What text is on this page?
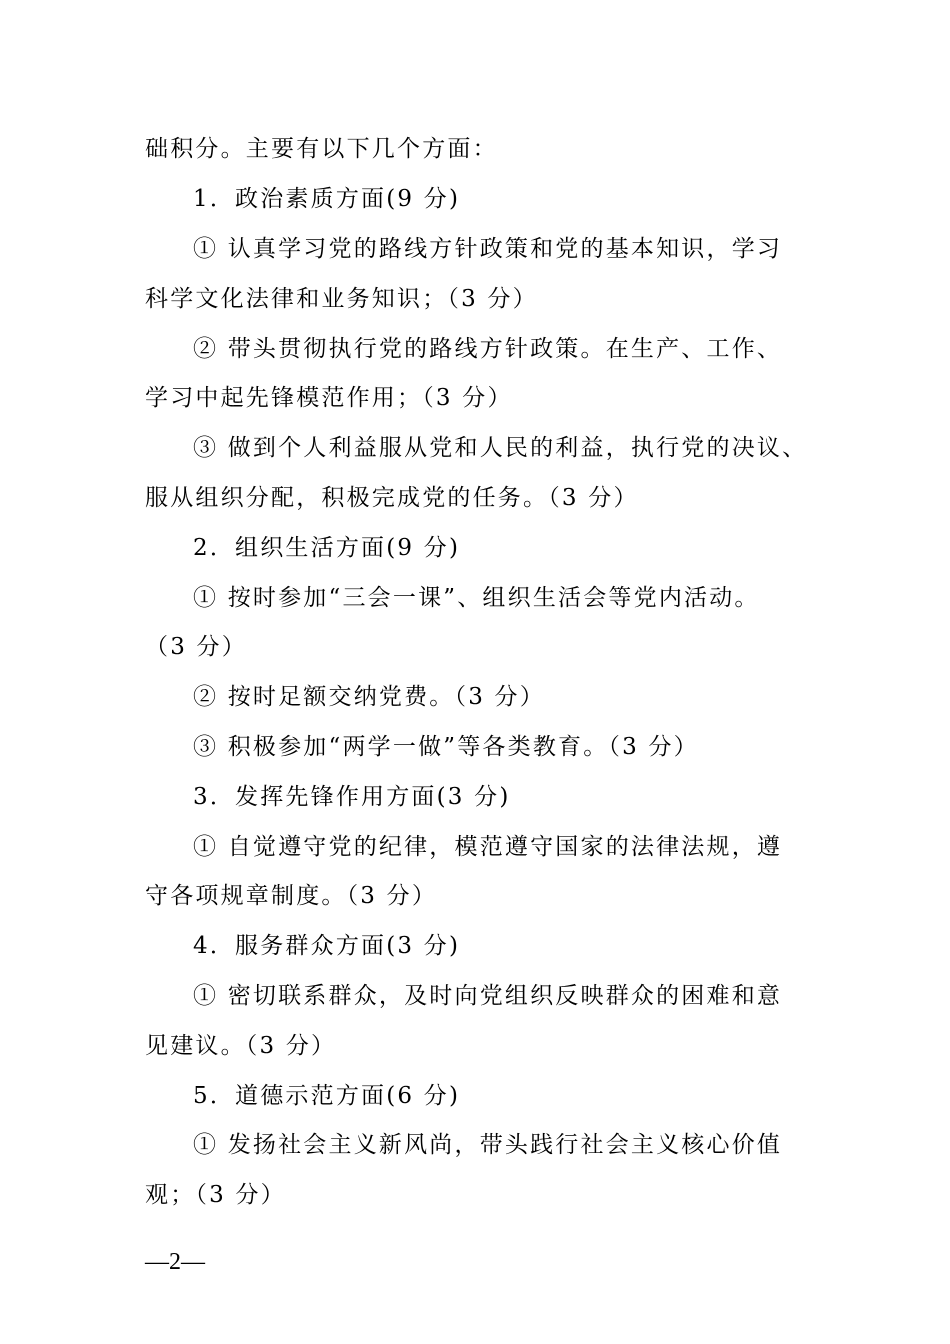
础积分。主要有以下几个方面：
1．政治素质方面(9 分)
① 认真学习党的路线方针政策和党的基本知识，学习
科学文化法律和业务知识；（3 分）
② 带头贯彻执行党的路线方针政策。在生产、工作、
学习中起先锋模范作用；（3 分）
③ 做到个人利益服从党和人民的利益，执行党的决议、
服从组织分配，积极完成党的任务。（3 分）
2．组织生活方面(9 分)
① 按时参加“三会一课”、组织生活会等党内活动。
（3 分）
② 按时足额交纳党费。（3 分）
③ 积极参加“两学一做”等各类教育。（3 分）
3．发挥先锋作用方面(3 分)
① 自觉遵守党的纪律，模范遵守国家的法律法规，遵
守各项规章制度。（3 分）
4．服务群众方面(3 分)
① 密切联系群众，及时向党组织反映群众的困难和意
见建议。（3 分）
5．道德示范方面(6 分)
① 发扬社会主义新风尚，带头践行社会主义核心价值
观；（3 分）
—2—
